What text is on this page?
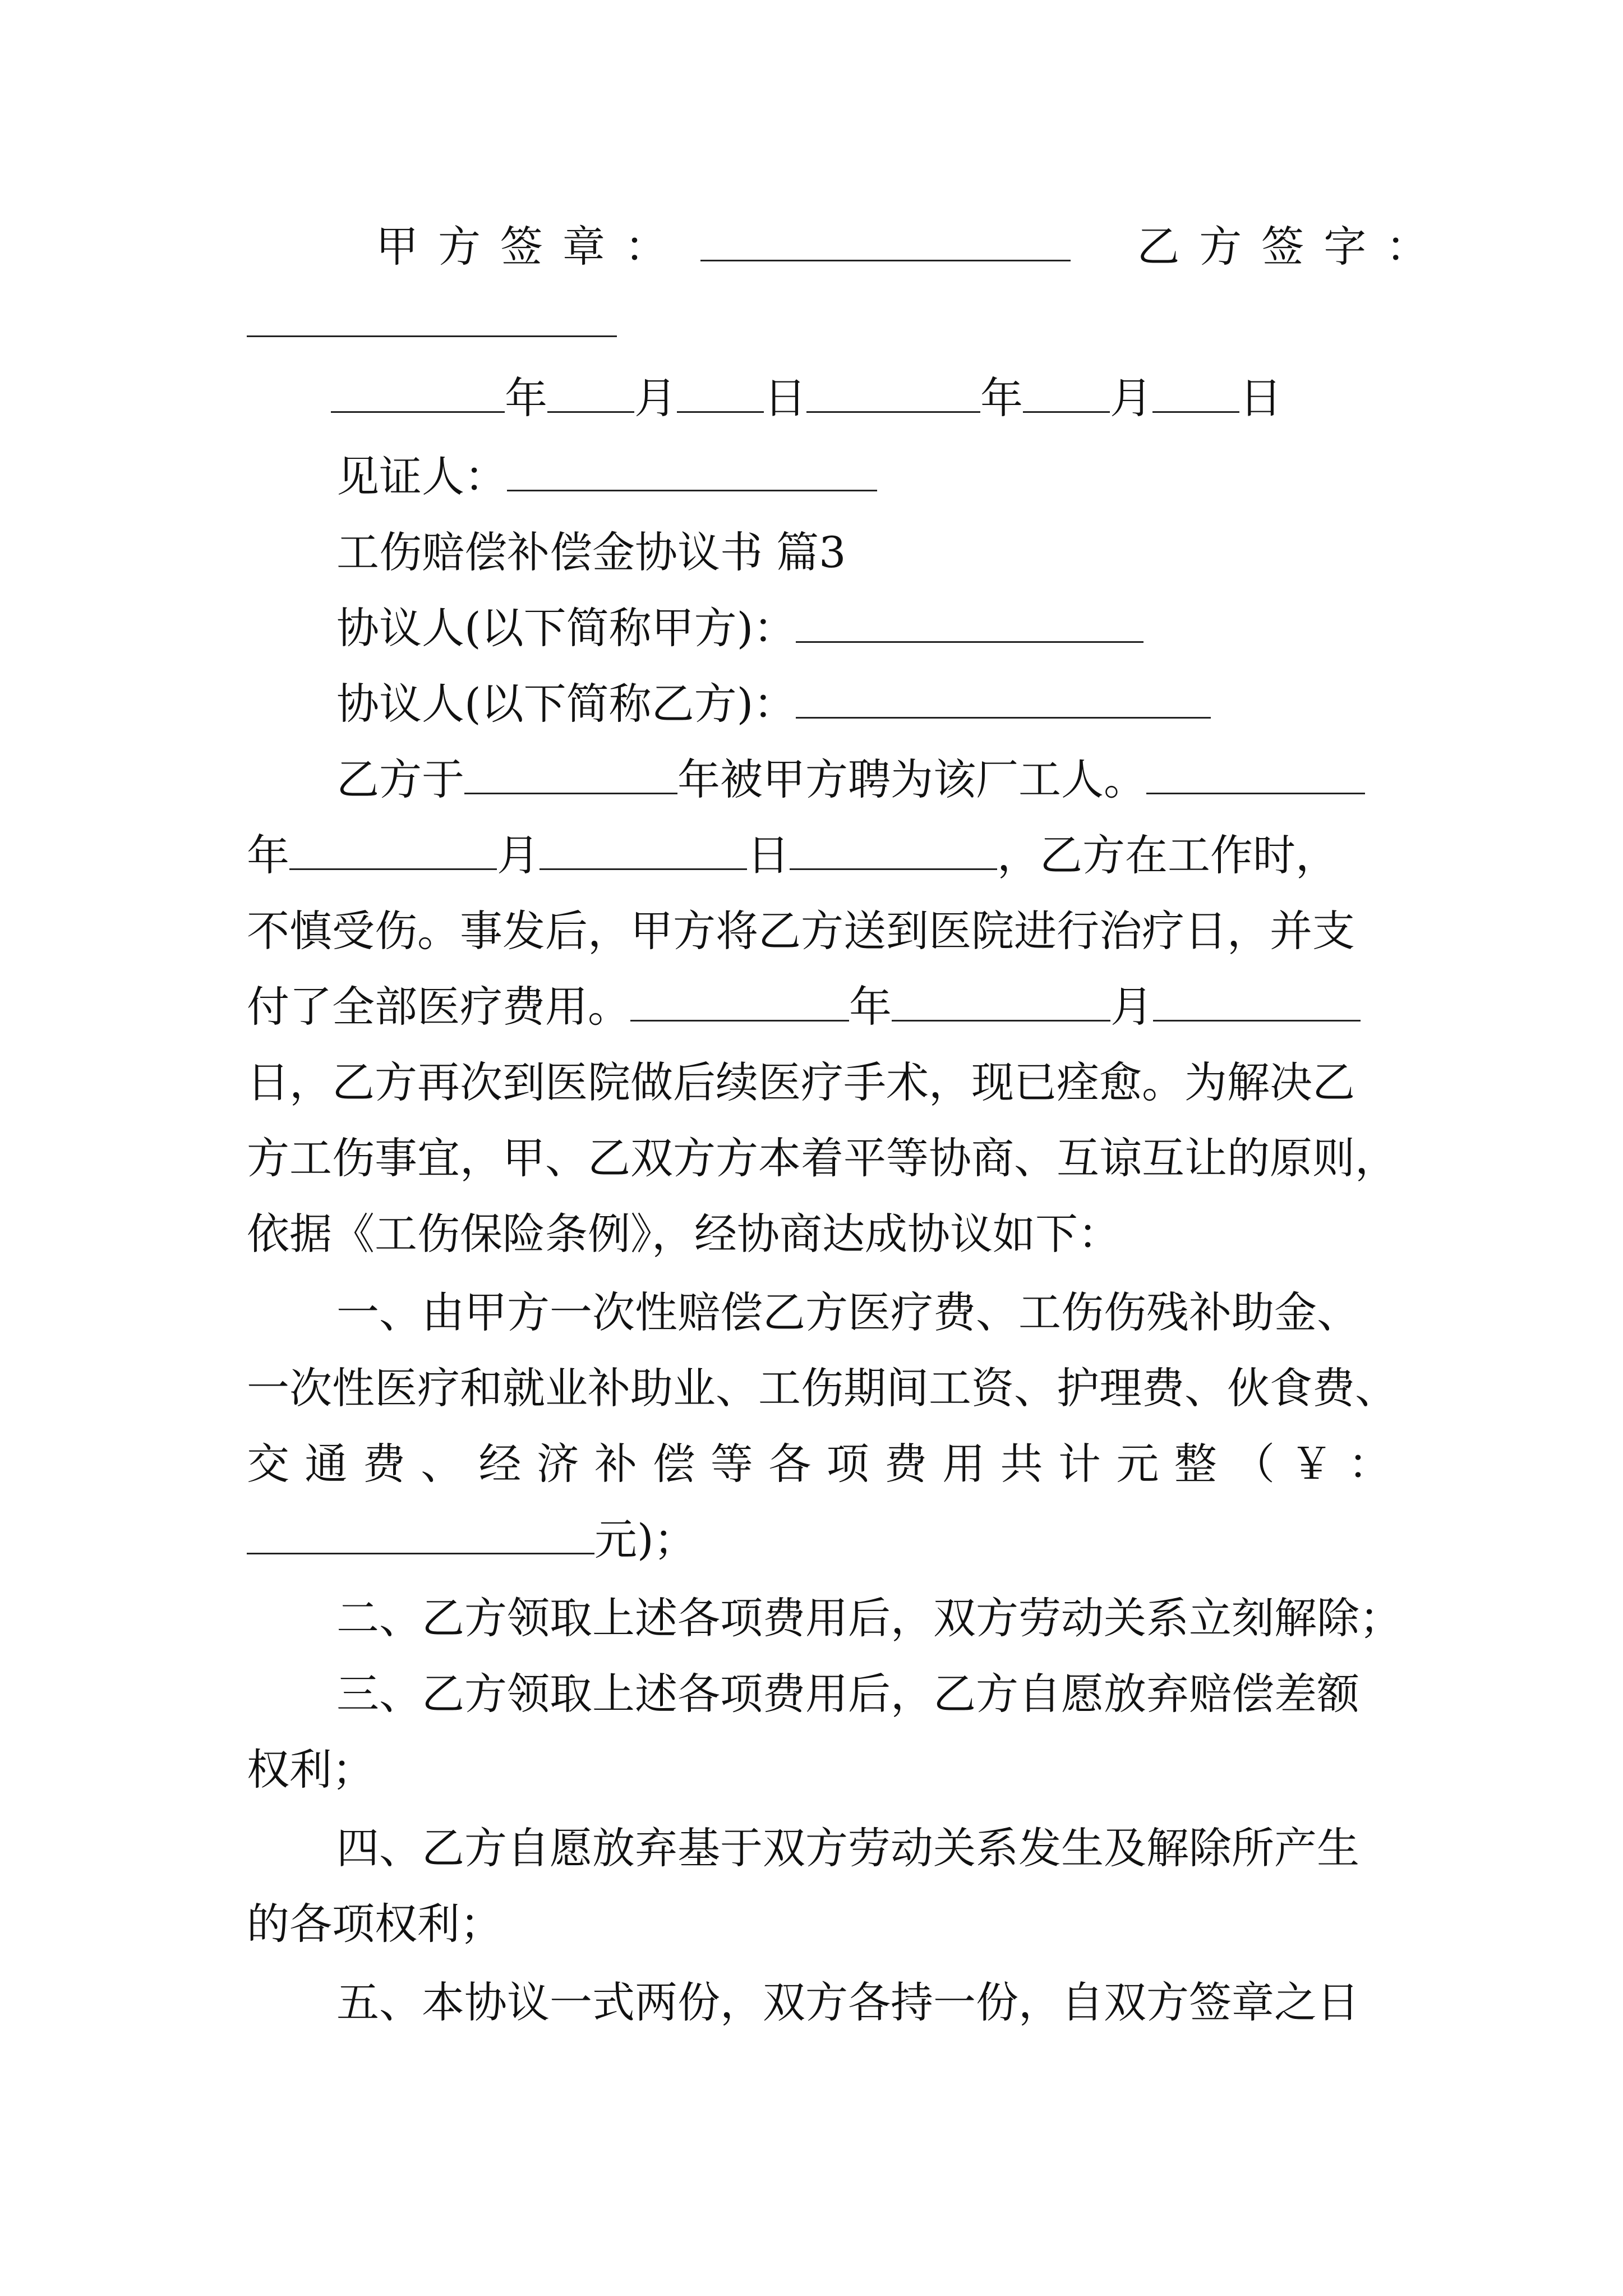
甲方签章：	乙方签字：
年 月 日	年 月 日
见证人：
工伤赔偿补偿金协议书 篇3
协议人(以下简称甲方)：
协议人(以下简称乙方)：
乙方于	年被甲方聘为该厂工人。
年	月	日	，乙方在工作时，
不慎受伤。事发后，甲方将乙方送到医院进行治疗日，并支
付了全部医疗费用。	年	月
日，乙方再次到医院做后续医疗手术，现已痊愈。为解决乙
方工伤事宜，甲、乙双方方本着平等协商、互谅互让的原则，
依据《工伤保险条例》，经协商达成协议如下：
一、由甲方一次性赔偿乙方医疗费、工伤伤残补助金、
一次性医疗和就业补助业、工伤期间工资、护理费、伙食费、
交通费、经济补偿等各项费用共计元整（￥：
元)；
二、乙方领取上述各项费用后，双方劳动关系立刻解除；
三、乙方领取上述各项费用后，乙方自愿放弃赔偿差额
权利；
四、乙方自愿放弃基于双方劳动关系发生及解除所产生
的各项权利；
五、本协议一式两份，双方各持一份，自双方签章之日
